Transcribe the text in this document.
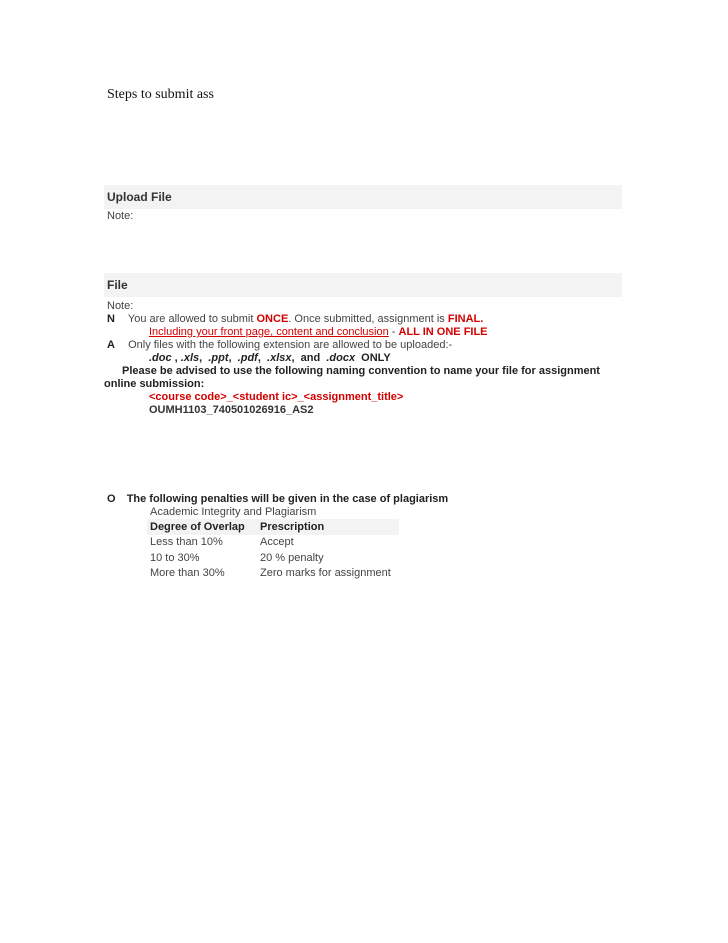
Steps to submit ass
Upload File
Note:
File
Note:
N You are allowed to submit ONCE. Once submitted, assignment is FINAL.
Including your front page, content and conclusion - ALL IN ONE FILE
A Only files with the following extension are allowed to be uploaded:-
.doc , .xls,  .ppt,  .pdf,  .xlsx,  and  .docx  ONLY
Please be advised to use the following naming convention to name your file for assignment
online submission:
<course code>_<student ic>_<assignment_title>
OUMH1103_740501026916_AS2
O The following penalties will be given in the case of plagiarism
Academic Integrity and Plagiarism
Degree of Overlap	Prescription
Less than 10%	Accept
10 to 30%	20 % penalty
More than 30%	Zero marks for assignment
